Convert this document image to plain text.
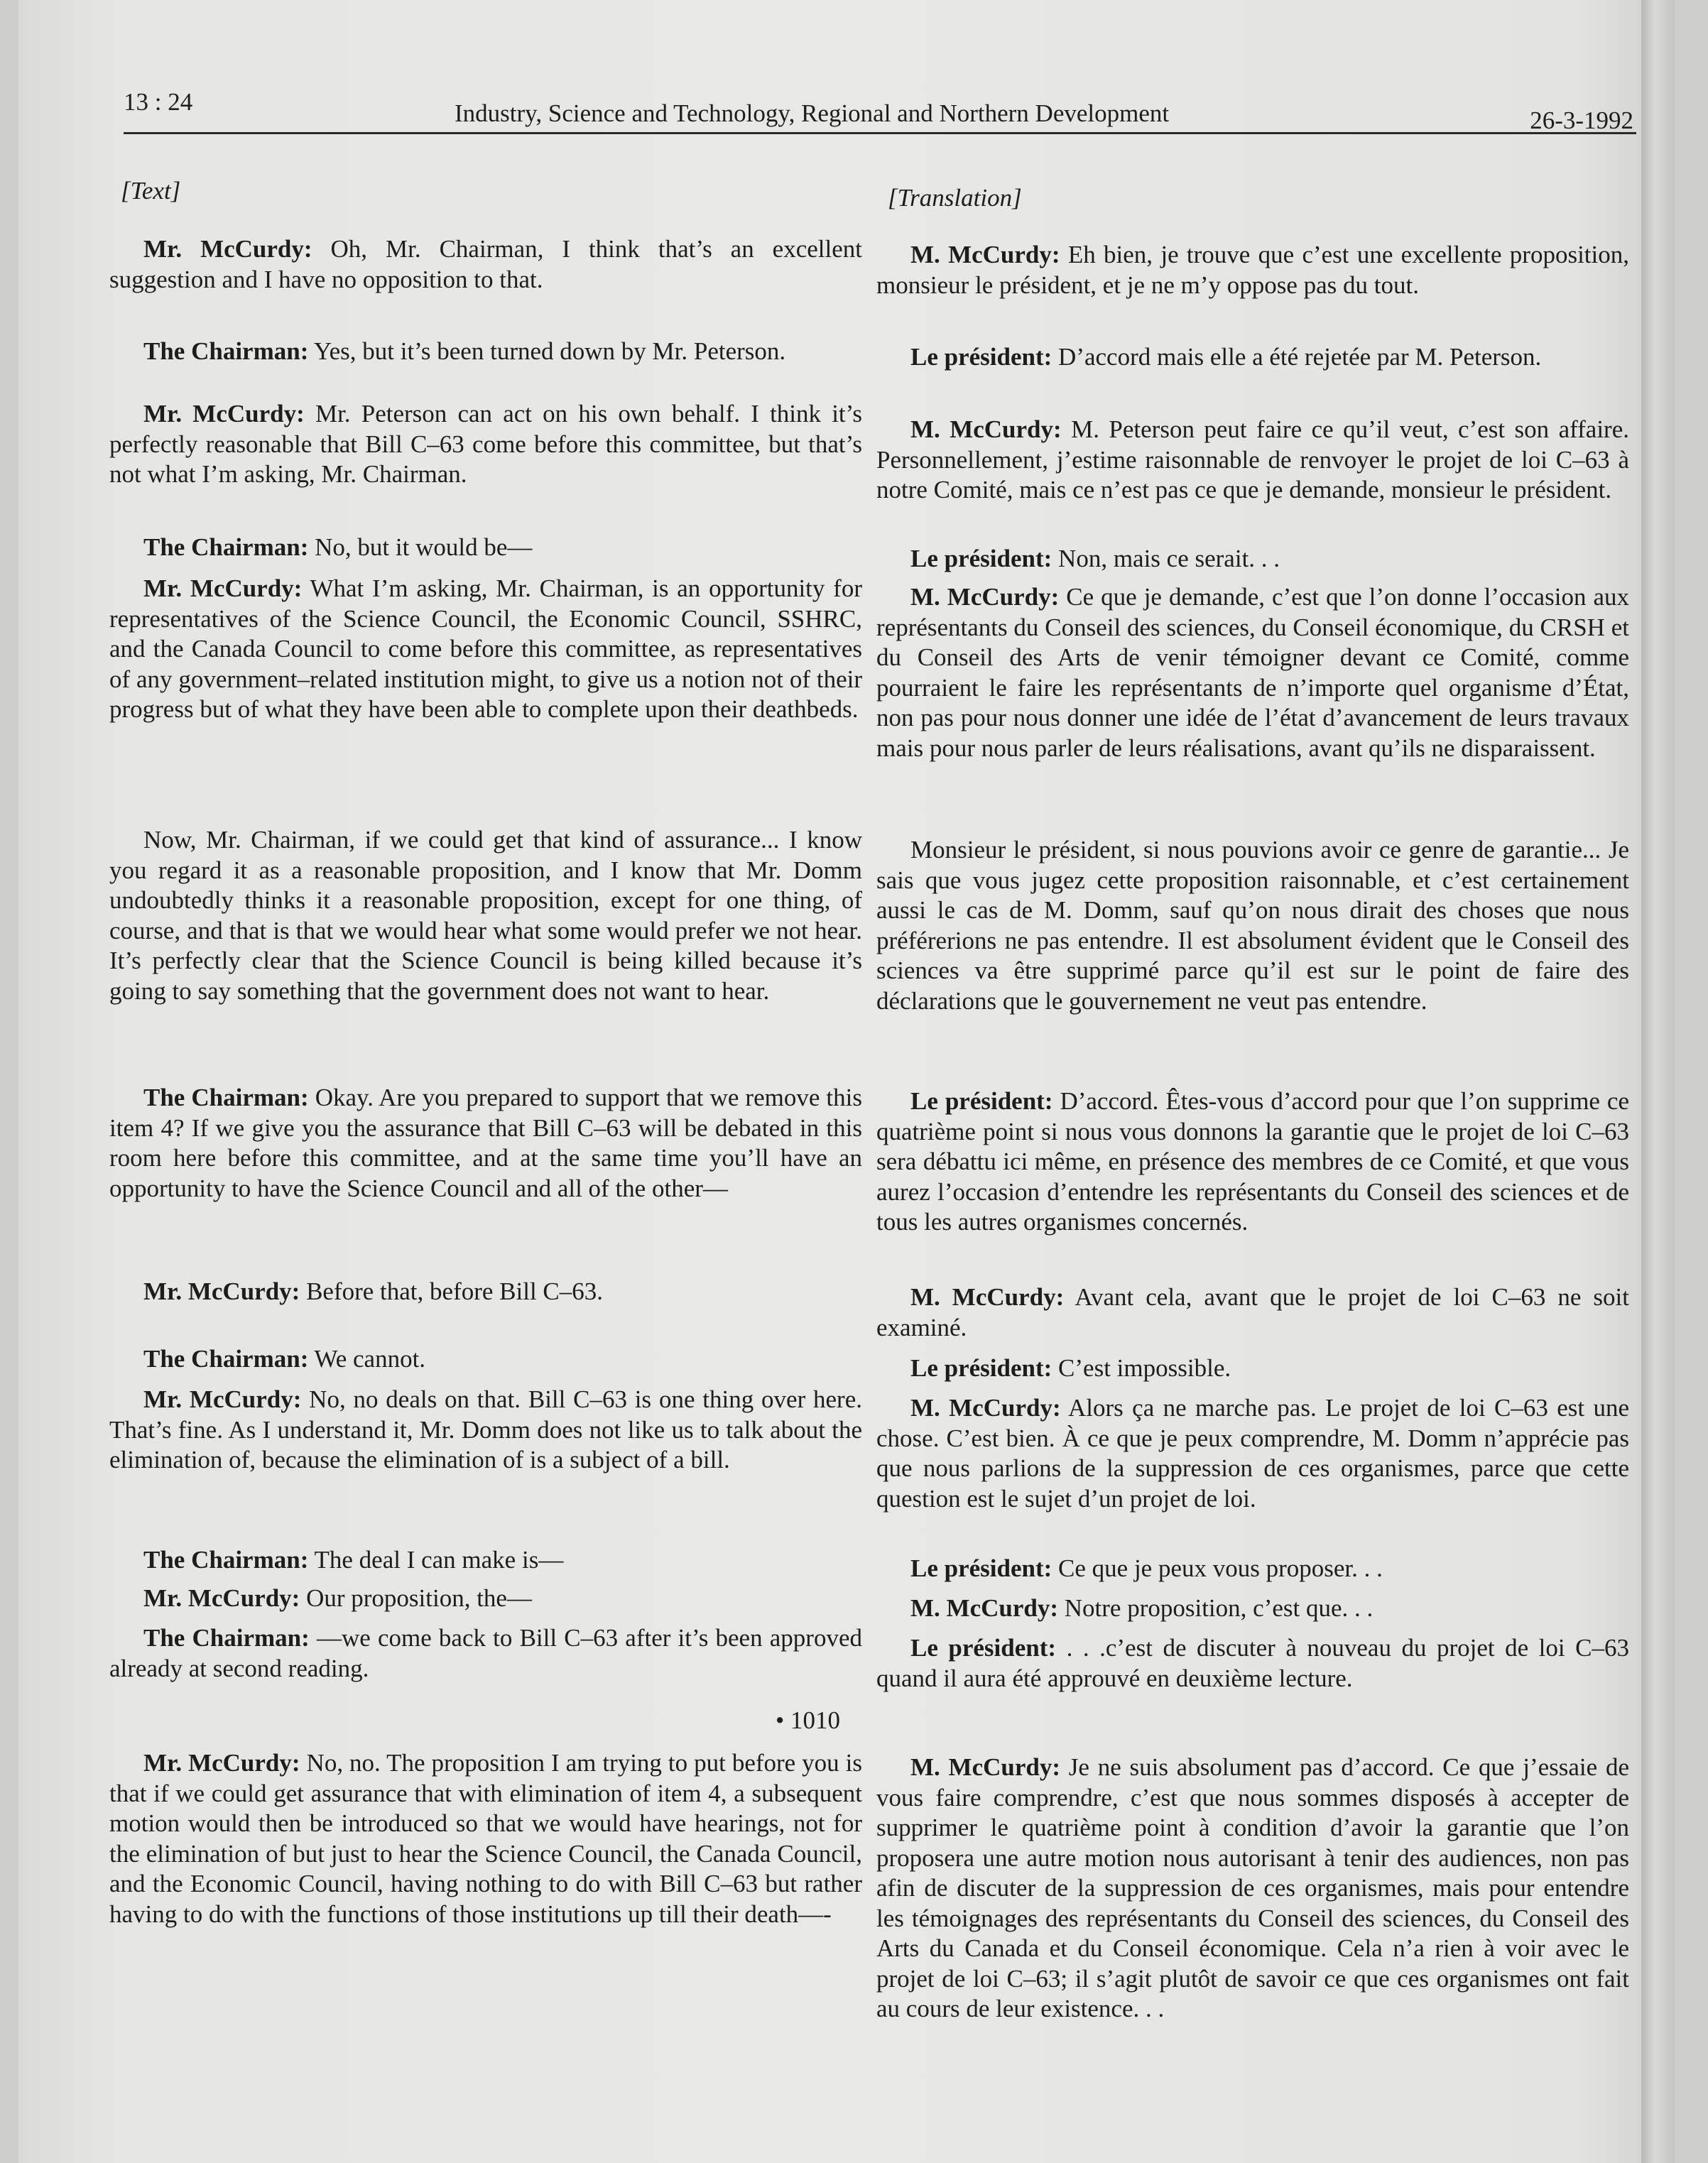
13 : 24	Industry, Science and Technology, Regional and Northern Development	26-3-1992
[Text]

Mr. McCurdy: Oh, Mr. Chairman, I think that’s an excellent suggestion and I have no opposition to that.

The Chairman: Yes, but it’s been turned down by Mr. Peterson.

Mr. McCurdy: Mr. Peterson can act on his own behalf. I think it’s perfectly reasonable that Bill C–63 come before this committee, but that’s not what I’m asking, Mr. Chairman.

The Chairman: No, but it would be—

Mr. McCurdy: What I’m asking, Mr. Chairman, is an opportunity for representatives of the Science Council, the Economic Council, SSHRC, and the Canada Council to come before this committee, as representatives of any government–related institution might, to give us a notion not of their progress but of what they have been able to complete upon their deathbeds.

Now, Mr. Chairman, if we could get that kind of assurance... I know you regard it as a reasonable proposition, and I know that Mr. Domm undoubtedly thinks it a reasonable proposition, except for one thing, of course, and that is that we would hear what some would prefer we not hear. It’s perfectly clear that the Science Council is being killed because it’s going to say something that the government does not want to hear.

The Chairman: Okay. Are you prepared to support that we remove this item 4? If we give you the assurance that Bill C–63 will be debated in this room here before this committee, and at the same time you’ll have an opportunity to have the Science Council and all of the other—

Mr. McCurdy: Before that, before Bill C–63.

The Chairman: We cannot.

Mr. McCurdy: No, no deals on that. Bill C–63 is one thing over here. That’s fine. As I understand it, Mr. Domm does not like us to talk about the elimination of, because the elimination of is a subject of a bill.

The Chairman: The deal I can make is—

Mr. McCurdy: Our proposition, the—

The Chairman: —we come back to Bill C–63 after it’s been approved already at second reading.

• 1010

Mr. McCurdy: No, no. The proposition I am trying to put before you is that if we could get assurance that with elimination of item 4, a subsequent motion would then be introduced so that we would have hearings, not for the elimination of but just to hear the Science Council, the Canada Council, and the Economic Council, having nothing to do with Bill C–63 but rather having to do with the functions of those institutions up till their death—-

[Translation]

M. McCurdy: Eh bien, je trouve que c’est une excellente proposition, monsieur le président, et je ne m’y oppose pas du tout.

Le président: D’accord mais elle a été rejetée par M. Peterson.

M. McCurdy: M. Peterson peut faire ce qu’il veut, c’est son affaire. Personnellement, j’estime raisonnable de renvoyer le projet de loi C–63 à notre Comité, mais ce n’est pas ce que je demande, monsieur le président.

Le président: Non, mais ce serait. . .

M. McCurdy: Ce que je demande, c’est que l’on donne l’occasion aux représentants du Conseil des sciences, du Conseil économique, du CRSH et du Conseil des Arts de venir témoigner devant ce Comité, comme pourraient le faire les représentants de n’importe quel organisme d’État, non pas pour nous donner une idée de l’état d’avancement de leurs travaux mais pour nous parler de leurs réalisations, avant qu’ils ne disparaissent.

Monsieur le président, si nous pouvions avoir ce genre de garantie... Je sais que vous jugez cette proposition raisonnable, et c’est certainement aussi le cas de M. Domm, sauf qu’on nous dirait des choses que nous préférerions ne pas entendre. Il est absolument évident que le Conseil des sciences va être supprimé parce qu’il est sur le point de faire des déclarations que le gouvernement ne veut pas entendre.

Le président: D’accord. Êtes-vous d’accord pour que l’on supprime ce quatrième point si nous vous donnons la garantie que le projet de loi C–63 sera débattu ici même, en présence des membres de ce Comité, et que vous aurez l’occasion d’entendre les représentants du Conseil des sciences et de tous les autres organismes concernés.

M. McCurdy: Avant cela, avant que le projet de loi C–63 ne soit examiné.

Le président: C’est impossible.

M. McCurdy: Alors ça ne marche pas. Le projet de loi C–63 est une chose. C’est bien. À ce que je peux comprendre, M. Domm n’apprécie pas que nous parlions de la suppression de ces organismes, parce que cette question est le sujet d’un projet de loi.

Le président: Ce que je peux vous proposer. . .

M. McCurdy: Notre proposition, c’est que. . .

Le président: . . .c’est de discuter à nouveau du projet de loi C–63 quand il aura été approuvé en deuxième lecture.

M. McCurdy: Je ne suis absolument pas d’accord. Ce que j’essaie de vous faire comprendre, c’est que nous sommes disposés à accepter de supprimer le quatrième point à condition d’avoir la garantie que l’on proposera une autre motion nous autorisant à tenir des audiences, non pas afin de discuter de la suppression de ces organismes, mais pour entendre les témoignages des représentants du Conseil des sciences, du Conseil des Arts du Canada et du Conseil économique. Cela n’a rien à voir avec le projet de loi C–63; il s’agit plutôt de savoir ce que ces organismes ont fait au cours de leur existence. . .
